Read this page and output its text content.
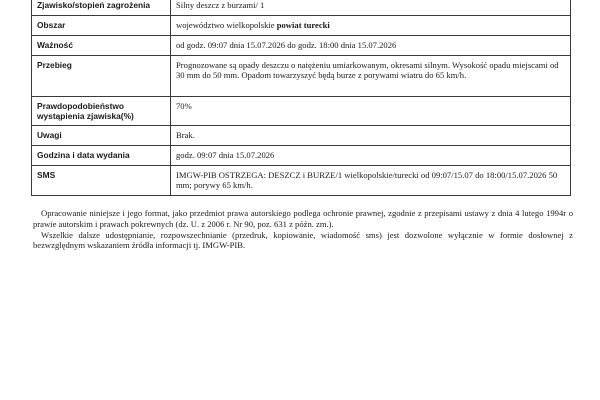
Zjawisko/stopień zagrożenia	Silny deszcz z burzami/ 1
Obszar	województwo wielkopolskie powiat turecki
Ważność	od godz. 09:07 dnia 15.07.2026 do godz. 18:00 dnia 15.07.2026
Przebieg	Prognozowane są opady deszczu o natężeniu umiarkowanym, okresami silnym. Wysokość opadu miejscami od 30 mm do 50 mm. Opadom towarzyszyć będą burze z porywami wiatru do 65 km/h.
Prawdopodobieństwo wystąpienia zjawiska(%)	70%
Uwagi	Brak.
Godzina i data wydania	godz. 09:07 dnia 15.07.2026
SMS	IMGW-PIB OSTRZEGA: DESZCZ i BURZE/1 wielkopolskie/turecki od 09:07/15.07 do 18:00/15.07.2026 50 mm; porywy 65 km/h.

Opracowanie niniejsze i jego format, jako przedmiot prawa autorskiego podlega ochronie prawnej, zgodnie z przepisami ustawy z dnia 4 lutego 1994r o prawie autorskim i prawach pokrewnych (dz. U. z 2006 r. Nr 90, poz. 631 z późn. zm.).

Wszelkie dalsze udostępnianie, rozpowszechnianie (przedruk, kopiowanie, wiadomość sms) jest dozwolone wyłącznie w formie dosłownej z bezwzględnym wskazaniem źródła informacji tj. IMGW-PIB.
